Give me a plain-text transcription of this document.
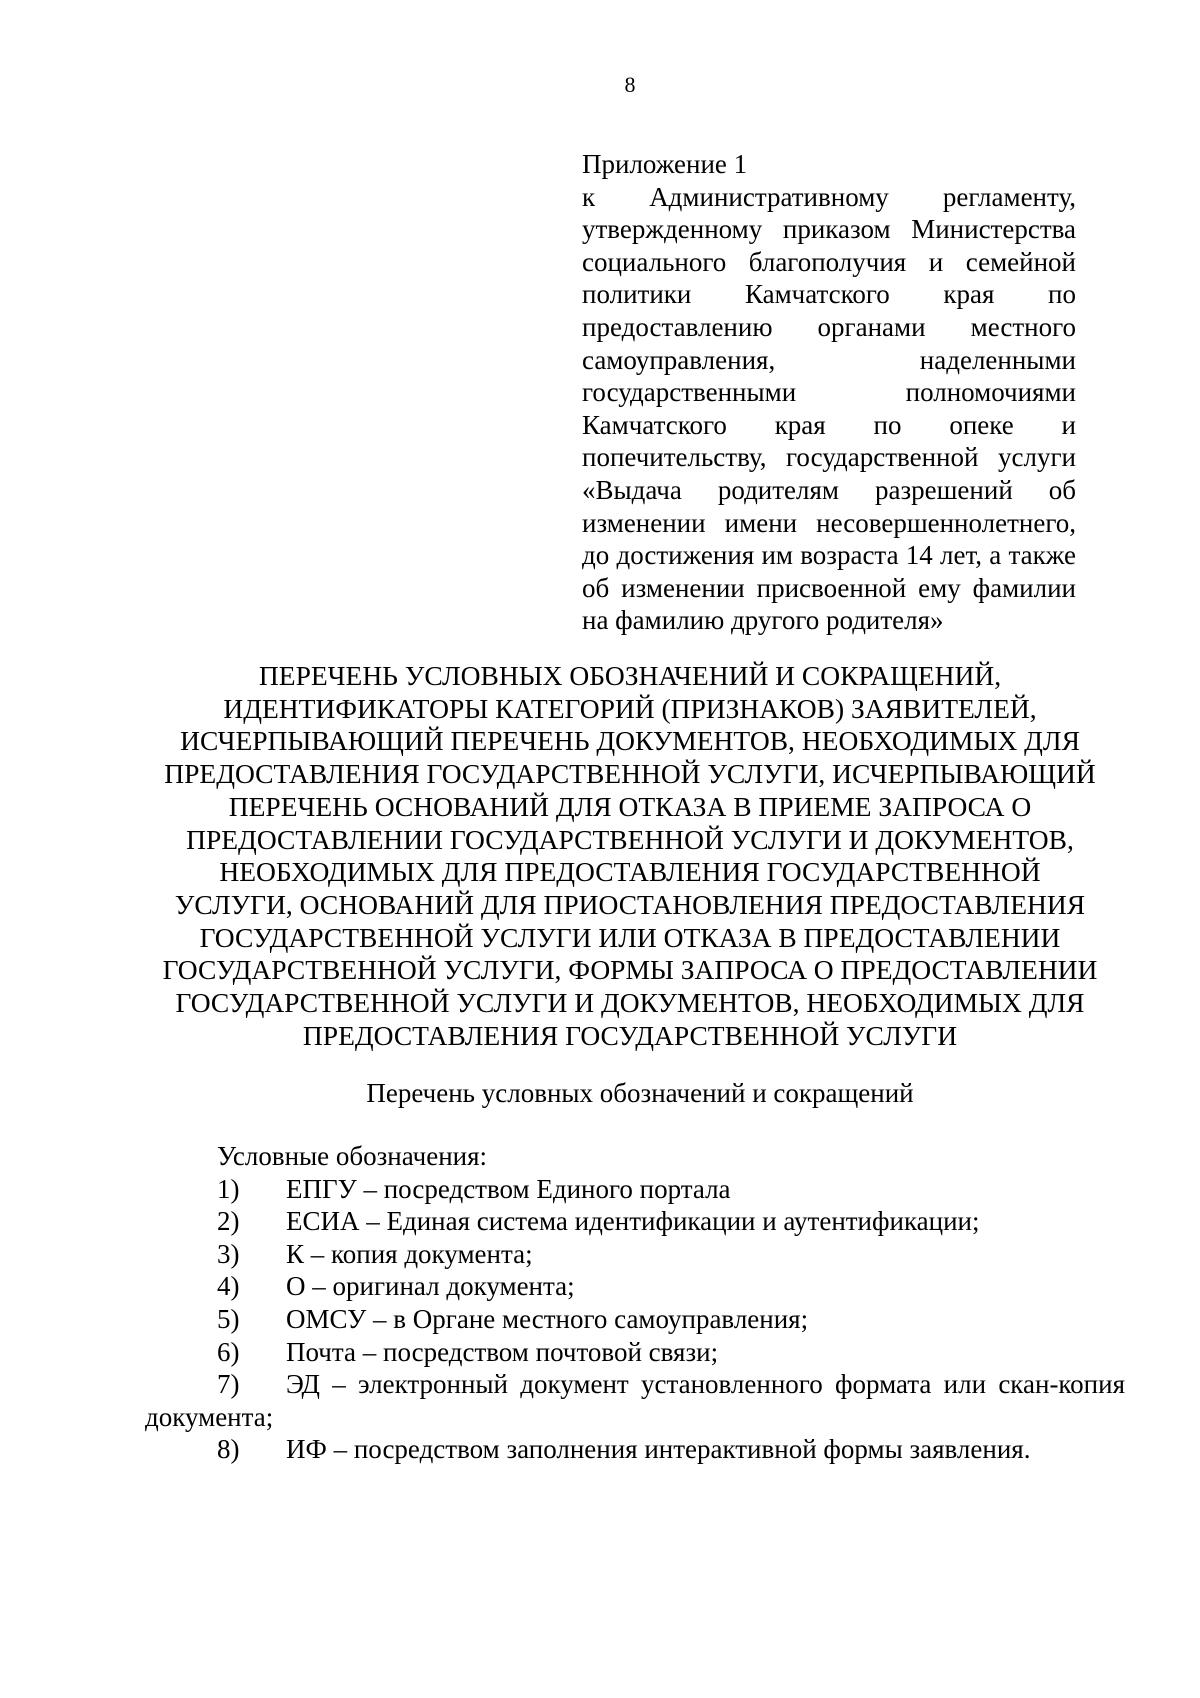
8
Приложение 1
к Административному регламенту, утвержденному приказом Министерства социального благополучия и семейной политики Камчатского края по предоставлению органами местного самоуправления, наделенными государственными полномочиями Камчатского края по опеке и попечительству, государственной услуги «Выдача родителям разрешений об изменении имени несовершеннолетнего, до достижения им возраста 14 лет, а также об изменении присвоенной ему фамилии на фамилию другого родителя»
ПЕРЕЧЕНЬ УСЛОВНЫХ ОБОЗНАЧЕНИЙ И СОКРАЩЕНИЙ,
ИДЕНТИФИКАТОРЫ КАТЕГОРИЙ (ПРИЗНАКОВ) ЗАЯВИТЕЛЕЙ,
ИСЧЕРПЫВАЮЩИЙ ПЕРЕЧЕНЬ ДОКУМЕНТОВ, НЕОБХОДИМЫХ ДЛЯ
ПРЕДОСТАВЛЕНИЯ ГОСУДАРСТВЕННОЙ УСЛУГИ, ИСЧЕРПЫВАЮЩИЙ
ПЕРЕЧЕНЬ ОСНОВАНИЙ ДЛЯ ОТКАЗА В ПРИЕМЕ ЗАПРОСА О
ПРЕДОСТАВЛЕНИИ ГОСУДАРСТВЕННОЙ УСЛУГИ И ДОКУМЕНТОВ,
НЕОБХОДИМЫХ ДЛЯ ПРЕДОСТАВЛЕНИЯ ГОСУДАРСТВЕННОЙ
УСЛУГИ, ОСНОВАНИЙ ДЛЯ ПРИОСТАНОВЛЕНИЯ ПРЕДОСТАВЛЕНИЯ
ГОСУДАРСТВЕННОЙ УСЛУГИ ИЛИ ОТКАЗА В ПРЕДОСТАВЛЕНИИ
ГОСУДАРСТВЕННОЙ УСЛУГИ, ФОРМЫ ЗАПРОСА О ПРЕДОСТАВЛЕНИИ
ГОСУДАРСТВЕННОЙ УСЛУГИ И ДОКУМЕНТОВ, НЕОБХОДИМЫХ ДЛЯ
ПРЕДОСТАВЛЕНИЯ ГОСУДАРСТВЕННОЙ УСЛУГИ
Перечень условных обозначений и сокращений
Условные обозначения:
1)	ЕПГУ – посредством Единого портала
2)	ЕСИА – Единая система идентификации и аутентификации;
3)	К – копия документа;
4)	О – оригинал документа;
5)	ОМСУ – в Органе местного самоуправления;
6)	Почта – посредством почтовой связи;
7) ЭД – электронный документ установленного формата или скан-копия документа;
8)	ИФ – посредством заполнения интерактивной формы заявления.
